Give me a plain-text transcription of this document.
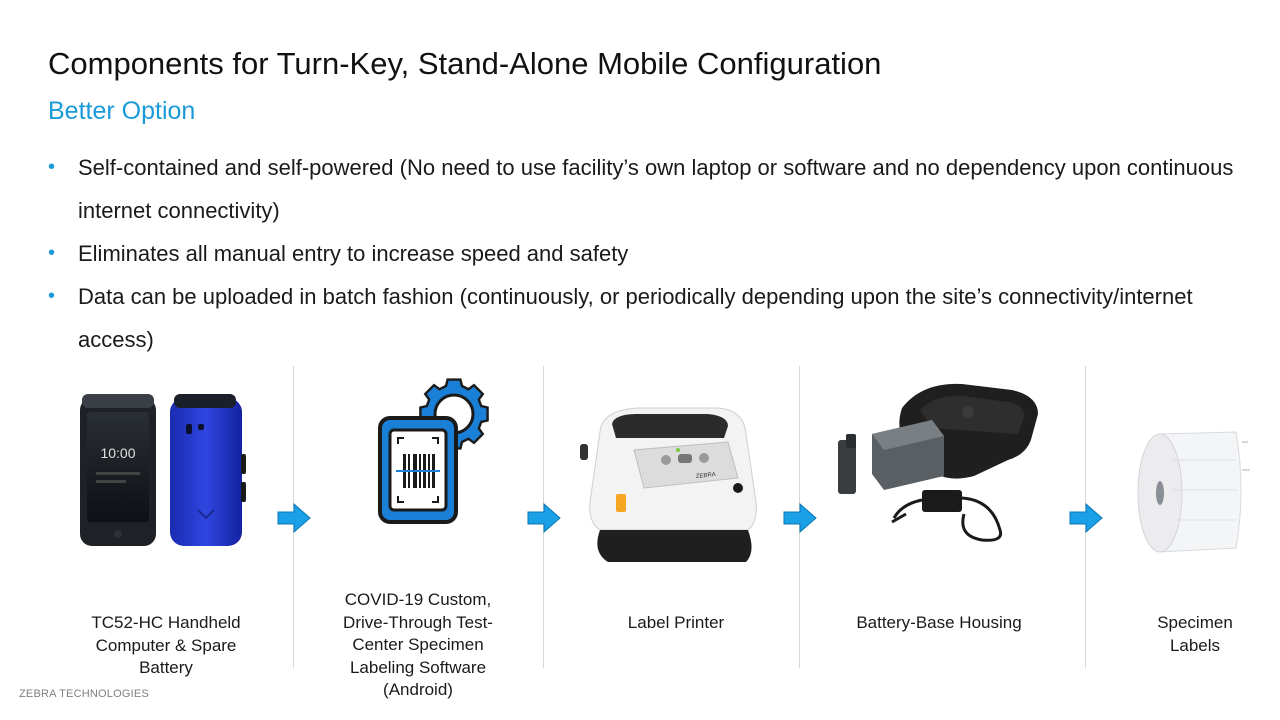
Components for Turn-Key, Stand-Alone Mobile Configuration
Better Option
• Self-contained and self-powered (No need to use facility’s own laptop or software and no dependency upon continuous internet connectivity)
• Eliminates all manual entry to increase speed and safety
• Data can be uploaded in batch fashion (continuously, or periodically depending upon the site’s connectivity/internet access)
10:00
ZEBRA
TC52-HC Handheld Computer & Spare Battery
COVID-19 Custom, Drive-Through Test-Center Specimen Labeling Software (Android)
Label Printer	Battery-Base Housing	Specimen Labels
ZEBRA TECHNOLOGIES
